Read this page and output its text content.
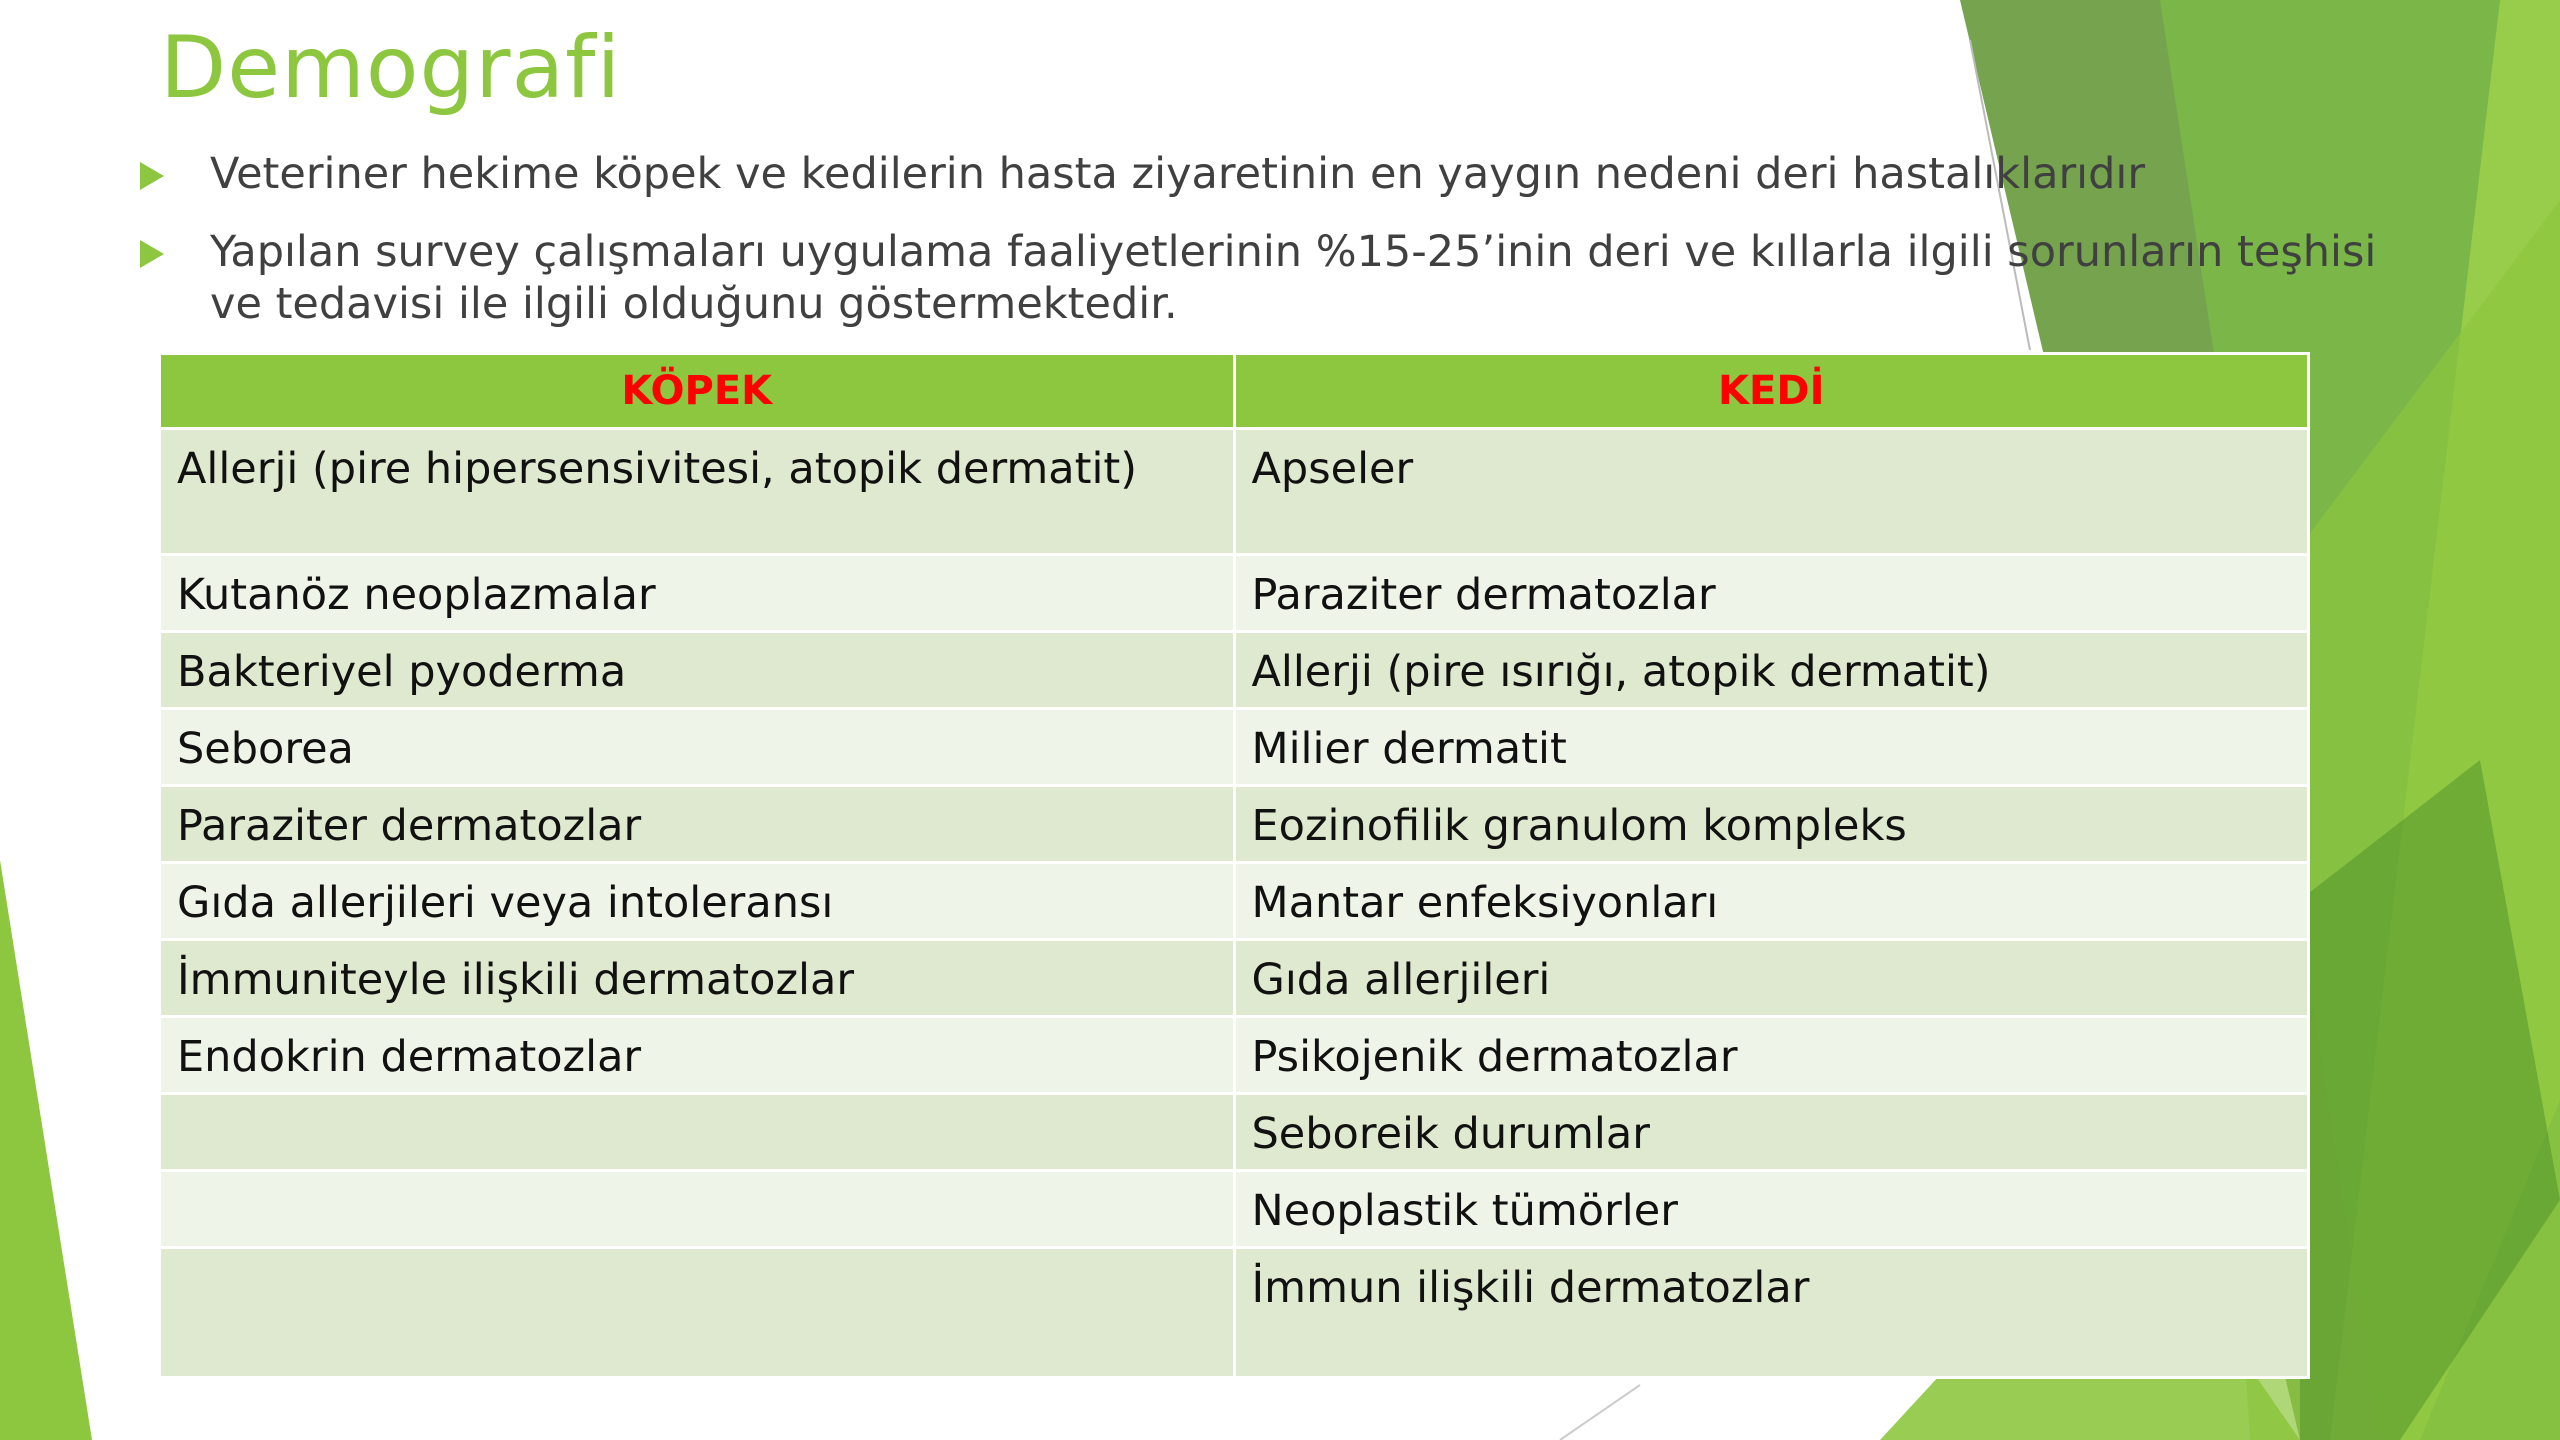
Demografi
Veteriner hekime köpek ve kedilerin hasta ziyaretinin en yaygın nedeni deri hastalıklarıdır
Yapılan survey çalışmaları uygulama faaliyetlerinin %15-25’inin deri ve kıllarla ilgili sorunların teşhisi ve tedavisi ile ilgili olduğunu göstermektedir.
KÖPEK	KEDİ
Allerji (pire hipersensivitesi, atopik dermatit)	Apseler
Kutanöz neoplazmalar	Paraziter dermatozlar
Bakteriyel pyoderma	Allerji (pire ısırığı, atopik dermatit)
Seborea	Milier dermatit
Paraziter dermatozlar	Eozinofilik granulom kompleks
Gıda allerjileri veya intoleransı	Mantar enfeksiyonları
İmmuniteyle ilişkili dermatozlar	Gıda allerjileri
Endokrin dermatozlar	Psikojenik dermatozlar
	Seboreik durumlar
	Neoplastik tümörler
	İmmun ilişkili dermatozlar
